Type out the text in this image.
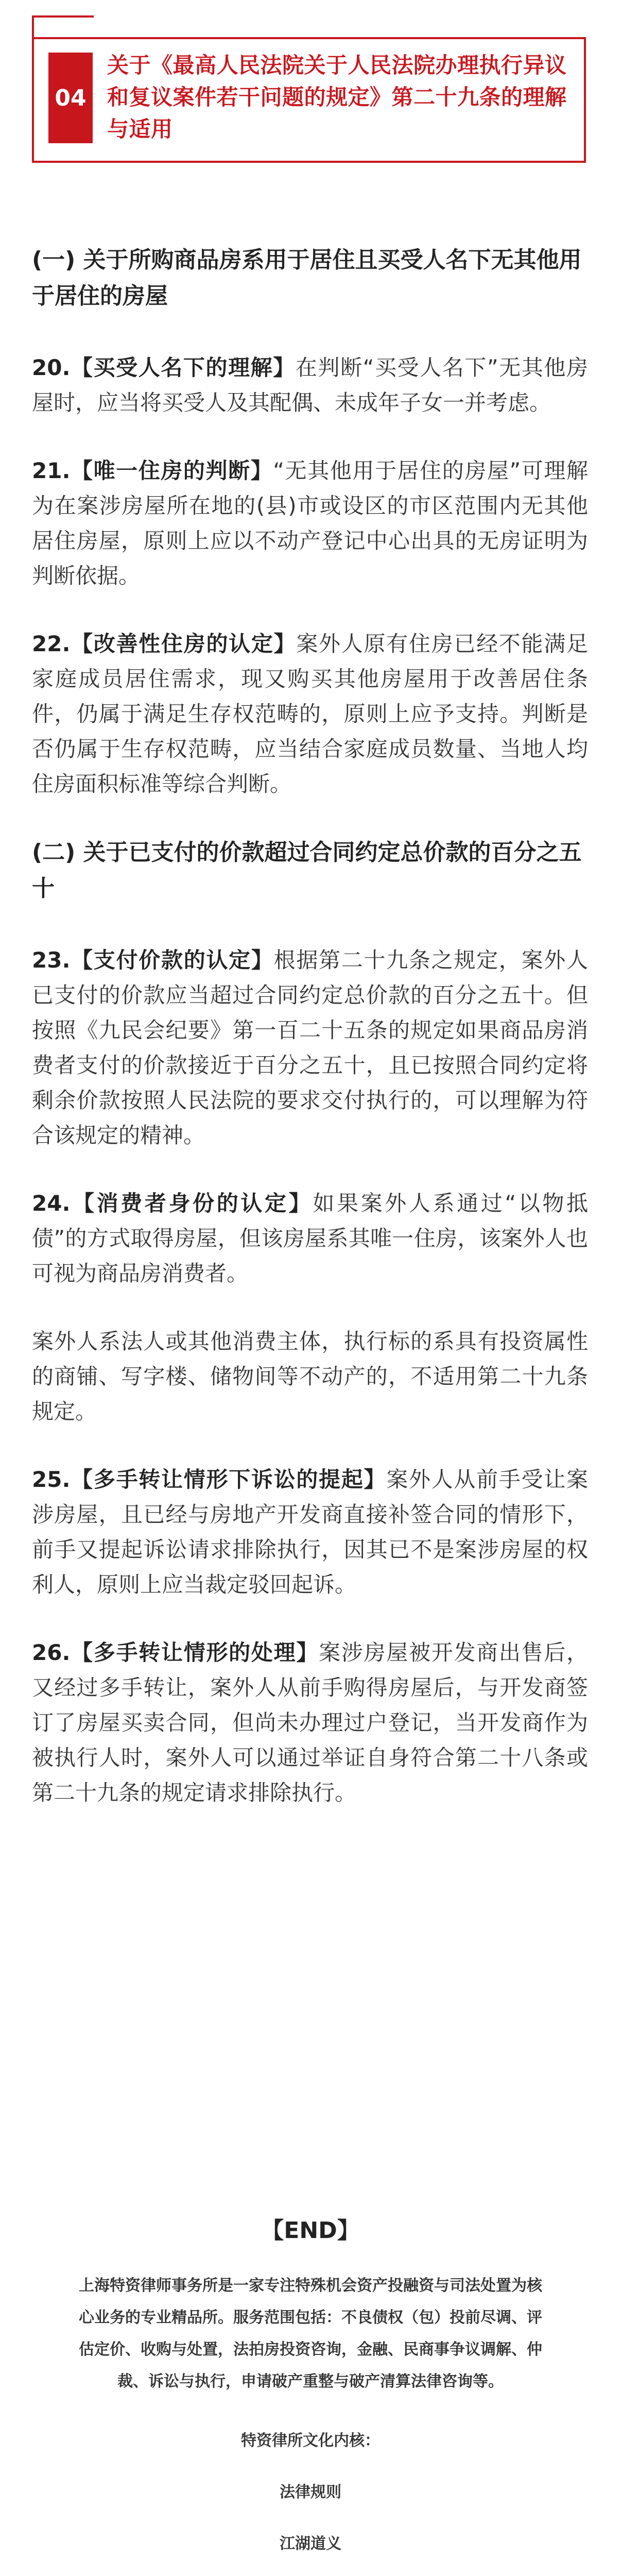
04
关于《最高人民法院关于人民法院办理执行异议和复议案件若干问题的规定》第二十九条的理解与适用
(一) 关于所购商品房系用于居住且买受人名下无其他用于居住的房屋

20.【买受人名下的理解】在判断“买受人名下”无其他房屋时，应当将买受人及其配偶、未成年子女一并考虑。

21.【唯一住房的判断】“无其他用于居住的房屋”可理解为在案涉房屋所在地的(县)市或设区的市区范围内无其他居住房屋，原则上应以不动产登记中心出具的无房证明为判断依据。

22.【改善性住房的认定】案外人原有住房已经不能满足家庭成员居住需求，现又购买其他房屋用于改善居住条件，仍属于满足生存权范畴的，原则上应予支持。判断是否仍属于生存权范畴，应当结合家庭成员数量、当地人均住房面积标准等综合判断。

(二) 关于已支付的价款超过合同约定总价款的百分之五十

23.【支付价款的认定】根据第二十九条之规定，案外人已支付的价款应当超过合同约定总价款的百分之五十。但按照《九民会纪要》第一百二十五条的规定如果商品房消费者支付的价款接近于百分之五十，且已按照合同约定将剩余价款按照人民法院的要求交付执行的，可以理解为符合该规定的精神。

24.【消费者身份的认定】如果案外人系通过“以物抵债”的方式取得房屋，但该房屋系其唯一住房，该案外人也可视为商品房消费者。

案外人系法人或其他消费主体，执行标的系具有投资属性的商铺、写字楼、储物间等不动产的，不适用第二十九条规定。

25.【多手转让情形下诉讼的提起】案外人从前手受让案涉房屋，且已经与房地产开发商直接补签合同的情形下，前手又提起诉讼请求排除执行，因其已不是案涉房屋的权利人，原则上应当裁定驳回起诉。

26.【多手转让情形的处理】案涉房屋被开发商出售后，又经过多手转让，案外人从前手购得房屋后，与开发商签订了房屋买卖合同，但尚未办理过户登记，当开发商作为被执行人时，案外人可以通过举证自身符合第二十八条或第二十九条的规定请求排除执行。

【END】
上海特资律师事务所是一家专注特殊机会资产投融资与司法处置为核心业务的专业精品所。服务范围包括：不良债权（包）投前尽调、评估定价、收购与处置，法拍房投资咨询，金融、民商事争议调解、仲裁、诉讼与执行，申请破产重整与破产清算法律咨询等。
特资律所文化内核：
法律规则
江湖道义
